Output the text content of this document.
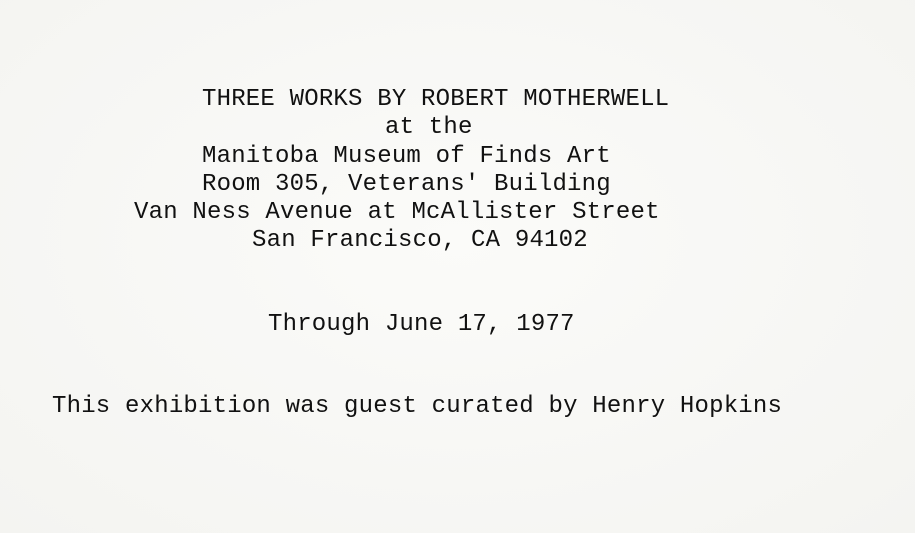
THREE WORKS BY ROBERT MOTHERWELL
at the
Manitoba Museum of Finds Art
Room 305, Veterans' Building
Van Ness Avenue at McAllister Street
San Francisco, CA 94102
Through June 17, 1977
This exhibition was guest curated by Henry Hopkins
